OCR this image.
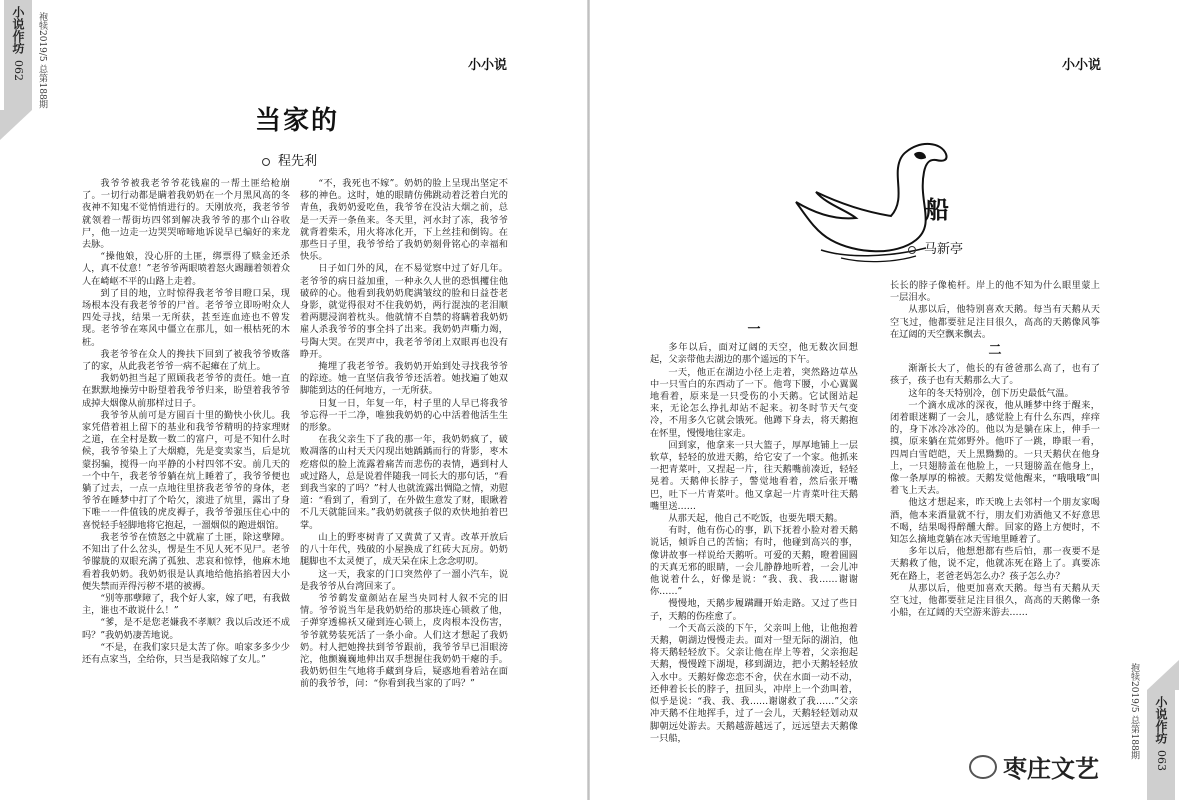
小说作坊
062 袍犊2019/5 总第188期	小小说
当家的
程先利

我爷爷被我老爷爷花钱雇的一帮土匪给枪崩了。一切行动都是瞒着我奶奶在一个月黑风高的冬夜神不知鬼不觉悄悄进行的。天刚放亮，我老爷爷就领着一帮街坊四邻到解决我爷爷的那个山谷收尸，他一边走一边哭哭啼啼地诉说早已编好的来龙去脉。

“操他娘，没心肝的土匪，绑票得了赎金还杀人，真不仗意！”老爷爷两眼喷着怒火踢蹦着领着众人在崎岖不平的山路上走着。

到了目的地，立时惊得我老爷爷目瞪口呆，现场根本没有我老爷爷的尸首。老爷爷立即吩咐众人四处寻找，结果一无所获，甚至连血迹也不曾发现。老爷爷在寒风中僵立在那儿，如一根枯死的木桩。

我老爷爷在众人的搀扶下回到了被我爷爷败落了的家，从此我老爷爷一病不起瘫在了炕上。

我奶奶担当起了照顾我老爷爷的责任。她一直在默默地操劳中盼望着我爷爷归来，盼望着我爷爷成掉大烟像从前那样过日子。

我爷爷从前可是方圆百十里的勤快小伙儿。我家凭借着祖上留下的基业和我爷爷精明的持家理财之道，在全村是数一数二的富户，可是不知什么时候，我爷爷染上了大烟瘾，先是变卖家当，后是坑蒙拐骗，搅得一向平静的小村四邻不安。前几天的一个中午，我老爷爷躺在炕上睡着了，我爷爷便也躺了过去，一点一点地往里挤我老爷爷的身体，老爷爷在睡梦中打了个哈欠，滚进了炕里，露出了身下唯一一件值钱的虎皮褥子，我爷爷强压住心中的喜悦轻手轻脚地将它抱起，一溜烟似的跑进烟馆。

我老爷爷在愤怒之中就雇了土匪，除这孽障。不知出了什么岔头，愣是生不见人死不见尸。老爷爷朦胧的双眼充满了孤独、悲哀和惊悸，他麻木地看着我奶奶。我奶奶很是认真地给他掐掐着因大小便失禁而弄得污秽不堪的被褥。

“别等那孽障了，我个好人家，嫁了吧，有我做主，谁也不敢说什么！”

“爹，是不是您老嫌我不孝顺？我以后改还不成吗？”我奶奶凄苦地说。

“不是，在我们家只是太苦了你。咱家多多少少还有点家当，全给你，只当是我陪嫁了女儿。”

“不，我死也不嫁”。奶奶的脸上呈现出坚定不移的神色。这时，她的眼睛仿佛跳动着泛着白光的青鱼，我奶奶爱吃鱼，我爷爷在没沾大烟之前，总是一天弄一条鱼来。冬天里，河水封了冻，我爷爷就背着柴禾，用火将冰化开，下上丝挂和倒钩。在那些日子里，我爷爷给了我奶奶刻骨铭心的幸福和快乐。

日子如门外的风，在不易觉察中过了好几年。老爷爷的病日益加重，一种永久人世的恐惧攫住他破碎的心。他看到我奶奶爬满皱纹的脸和日益苍老身影，就觉得很对不住我奶奶，两行混浊的老泪顺着两腮浸润着枕头。他就情不自禁的将瞒着我奶奶雇人杀我爷爷的事全抖了出来。我奶奶声嘶力竭，号陶大哭。在哭声中，我老爷爷闭上双眼再也没有睁开。

掩埋了我老爷爷。我奶奶开始到处寻找我爷爷的踪迹。她一直坚信我爷爷还活着。她找遍了她双脚能到达的任何地方，一无所获。

日复一日，年复一年，村子里的人早已将我爷爷忘得一干二净，唯独我奶奶的心中活着他活生生的形象。

在我父亲生下了我的那一年，我奶奶疯了，破败凋落的山村天天闪现出她踽踽而行的背影，枣木疙瘩似的脸上流露着痛苦而悲伤的表情，遇到村人或过路人，总是说着伴随我一同长大的那句话，“看到我当家的了吗？”村人也就流露出惆隐之情，劝慰道：“看到了，看到了，在外做生意发了财，眼瞅着不几天就能回来。”我奶奶就孩子似的欢快地拍着巴掌。

山上的野枣树青了又黄黄了又青。改革开放后的八十年代，残破的小屋换成了红砖大瓦房。奶奶腿脚也不太灵便了，成天呆在床上念念叨叨。

这一天，我家的门口突然停了一溜小汽车，说是我爷爷从台湾回来了。

爷爷鹤发童颜站在屋当央同村人叙不完的旧情。爷爷说当年是我奶奶给的那块连心锁救了他，子弹穿透棉袄又碰到连心锁上，皮肉根本没伤害，爷爷就势装死活了一条小命。人们这才想起了我奶奶。村人把她搀扶到爷爷跟前，我爷爷早已泪眼滂沱，他颤巍巍地伸出双手想握住我奶奶干瘪的手。我奶奶但生气地将手藏到身后，疑惑地看着站在面前的我爷爷，问：“你看到我当家的了吗？”

小小说
船
马新亭

一

多年以后，面对辽阔的天空，他无数次回想起，父亲带他去湖边的那个遥远的下午。

一天，他正在湖边小径上走着，突然路边草丛中一只雪白的东西动了一下。他弯下腰，小心翼翼地看着，原来是一只受伤的小天鹅。它试图站起来，无论怎么挣扎却站不起来。初冬时节天气变冷，不用多久它就会饿死。他蹲下身去，将天鹅抱在怀里，慢慢地往家走。

回到家，他拿来一只大篮子，厚厚地铺上一层软草，轻轻的放进天鹅，给它安了一个家。他抓来一把青菜叶，又捏起一片，往天鹅嘴前凑近，轻轻晃着。天鹅伸长脖子，警觉地看着，然后张开嘴巴，吐下一片青菜叶。他又拿起一片青菜叶往天鹅嘴里送……

从那天起，他自己不吃饭，也要先喂天鹅。

有时，他有伤心的事，趴下抚着小脸对着天鹅说话，倾诉自己的苦恼；有时，他碰到高兴的事，像讲故事一样说给天鹅听。可爱的天鹅，瞪着圆圆的天真无邪的眼睛，一会儿静静地听着，一会儿冲他说着什么，好像是说：“我、我、我……谢谢你……”

慢慢地，天鹅步履蹒跚开始走路。又过了些日子，天鹅的伤痊愈了。

一个天高云淡的下午，父亲叫上他，让他抱着天鹅，朝湖边慢慢走去。面对一望无际的湖泊，他将天鹅轻轻放下。父亲让他在岸上等着，父亲抱起天鹅，慢慢蹚下湖堤，移到湖边，把小天鹅轻轻放入水中。天鹅好像恋恋不舍，伏在水面一动不动，还伸着长长的脖子，扭回头，冲岸上一个劲叫着，似乎是说：“我、我、我……谢谢救了我……”父亲冲天鹅不住地挥手，过了一会儿，天鹅轻轻划动双脚朝远处游去。天鹅越游越远了，远远望去天鹅像一只船，

长长的脖子像桅杆。岸上的他不知为什么眼里蒙上一层泪水。

从那以后，他特别喜欢天鹅。每当有天鹅从天空飞过，他都要驻足注目很久，高高的天鹅像风筝在辽阔的天空飘来飘去。

二

渐渐长大了，他长的有爸爸那么高了，也有了孩子，孩子也有天鹅那么大了。

这年的冬天特别冷，创下历史最低气温。

一个滴水成冰的深夜，他从睡梦中终于醒来，闭着眼迷糊了一会儿，感觉脸上有什么东西，痒痒的，身下冰冷冰冷的。他以为是躺在床上，伸手一摸，原来躺在荒郊野外。他吓了一跳，睁眼一看，四周白雪皑皑，天上黑黝黝的。一只天鹅伏在他身上，一只翅膀盖在他脸上，一只翅膀盖在他身上，像一条厚厚的棉被。天鹅发觉他醒来，“哦哦哦”叫着飞上天去。

他这才想起来，昨天晚上去邻村一个朋友家喝酒，他本来酒量就不行，朋友们劝酒他又不好意思不喝，结果喝得醉醺大醉。回家的路上方便时，不知怎么摘地竟躺在冰天雪地里睡着了。

多年以后，他想想都有些后怕，那一夜要不是天鹅救了他，说不定，他就冻死在路上了。真要冻死在路上，老爸老妈怎么办？孩子怎么办？

从那以后，他更加喜欢天鹅。每当有天鹅从天空飞过，他都要驻足注目很久，高高的天鹅像一条小船，在辽阔的天空游来游去……

抱犊2019/5 总第188期 小说作坊
063
枣庄文艺
